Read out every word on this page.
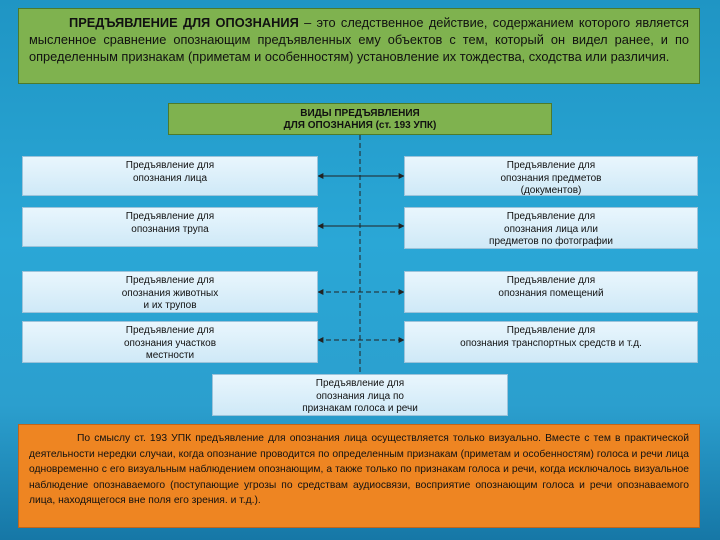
ПРЕДЪЯВЛЕНИЕ ДЛЯ ОПОЗНАНИЯ – это следственное действие, содержанием которого является мысленное сравнение опознающим предъявленных ему объектов с тем, который он видел ранее, и по определенным признакам (приметам и особенностям) установление их тождества, сходства или различия.
ВИДЫ ПРЕДЪЯВЛЕНИЯ
ДЛЯ ОПОЗНАНИЯ (ст. 193 УПК)
Предъявление для
опознания лица
Предъявление для
опознания трупа
Предъявление для
опознания животных
и их трупов
Предъявление для
опознания участков
местности
Предъявление для
опознания предметов
(документов)
Предъявление для
опознания лица или
предметов по фотографии
Предъявление для
опознания помещений
Предъявление для
опознания транспортных средств и т.д.
Предъявление для
опознания лица по
признакам голоса и речи
По смыслу ст. 193 УПК предъявление для опознания лица осуществляется только визуально. Вместе с тем в практической деятельности нередки случаи, когда опознание проводится по определенным признакам (приметам и особенностям) голоса и речи лица одновременно с его визуальным наблюдением опознающим, а также только по признакам голоса и речи, когда исключалось визуальное наблюдение опознаваемого (поступающие угрозы по средствам аудиосвязи, восприятие опознающим голоса и речи опознаваемого лица, находящегося вне поля его зрения. и т.д.).
